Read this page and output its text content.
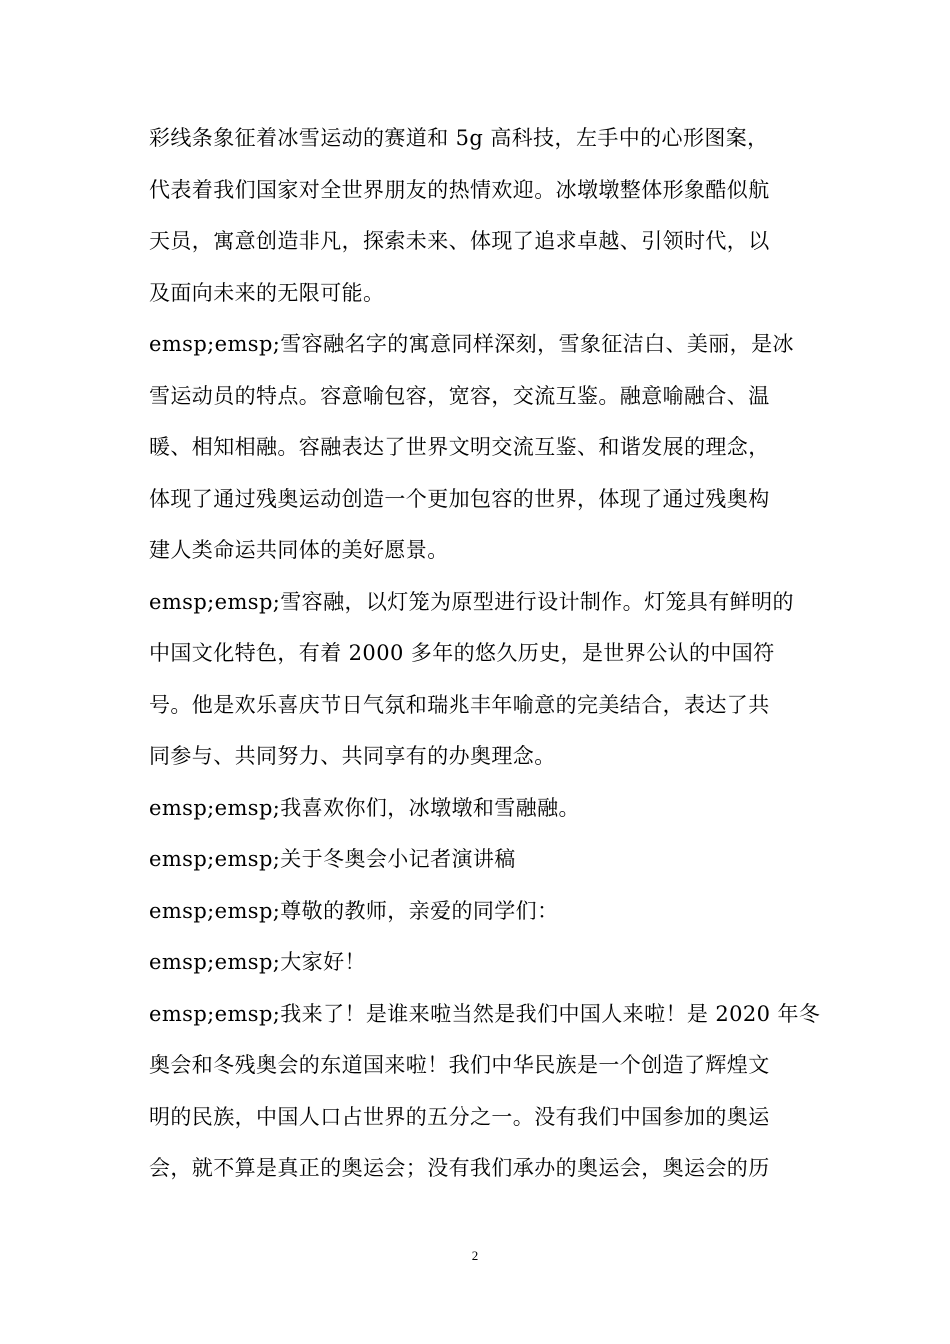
彩线条象征着冰雪运动的赛道和 5g 高科技，左手中的心形图案，
代表着我们国家对全世界朋友的热情欢迎。冰墩墩整体形象酷似航
天员，寓意创造非凡，探索未来、体现了追求卓越、引领时代，以
及面向未来的无限可能。
emsp;emsp;雪容融名字的寓意同样深刻，雪象征洁白、美丽，是冰
雪运动员的特点。容意喻包容，宽容，交流互鉴。融意喻融合、温
暖、相知相融。容融表达了世界文明交流互鉴、和谐发展的理念，
体现了通过残奥运动创造一个更加包容的世界，体现了通过残奥构
建人类命运共同体的美好愿景。
emsp;emsp;雪容融，以灯笼为原型进行设计制作。灯笼具有鲜明的
中国文化特色，有着 2000 多年的悠久历史，是世界公认的中国符
号。他是欢乐喜庆节日气氛和瑞兆丰年喻意的完美结合，表达了共
同参与、共同努力、共同享有的办奥理念。
emsp;emsp;我喜欢你们，冰墩墩和雪融融。
emsp;emsp;关于冬奥会小记者演讲稿
emsp;emsp;尊敬的教师，亲爱的同学们：
emsp;emsp;大家好！
emsp;emsp;我来了！是谁来啦当然是我们中国人来啦！是 2020 年冬
奥会和冬残奥会的东道国来啦！我们中华民族是一个创造了辉煌文
明的民族，中国人口占世界的五分之一。没有我们中国参加的奥运
会，就不算是真正的奥运会；没有我们承办的奥运会，奥运会的历
2
